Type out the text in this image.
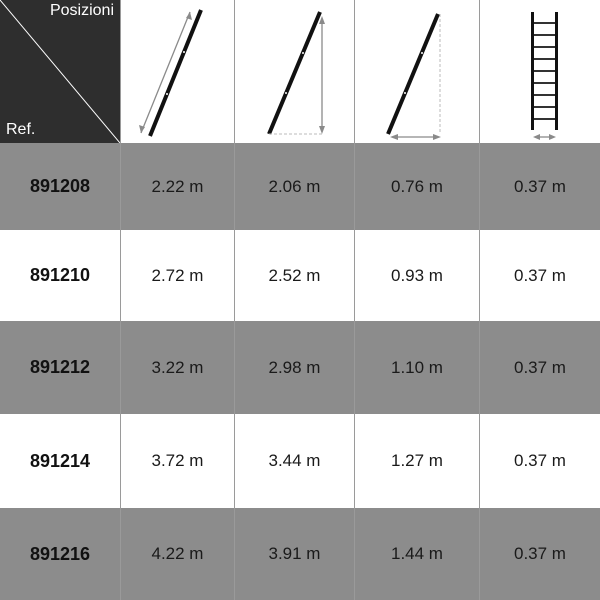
Posizioni
Ref.
891208	2.22 m	2.06 m	0.76 m	0.37 m
891210	2.72 m	2.52 m	0.93 m	0.37 m
891212	3.22 m	2.98 m	1.10 m	0.37 m
891214	3.72 m	3.44 m	1.27 m	0.37 m
891216	4.22 m	3.91 m	1.44 m	0.37 m
